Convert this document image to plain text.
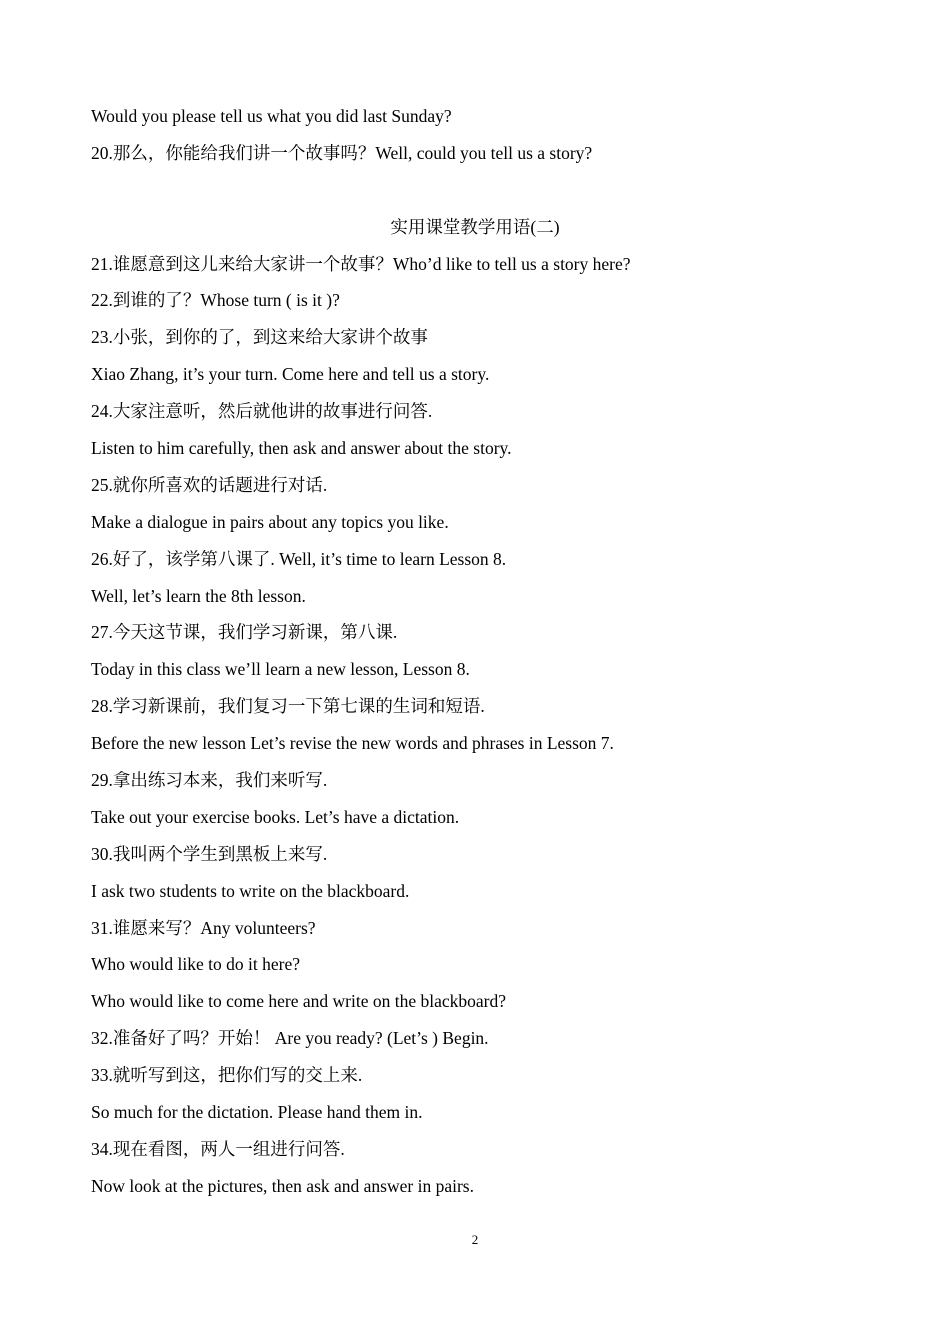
Would you please tell us what you did last Sunday?
20.那么，你能给我们讲一个故事吗？Well, could you tell us a story?
实用课堂教学用语(二)
21.谁愿意到这儿来给大家讲一个故事？Who’d like to tell us a story here?
22.到谁的了？Whose turn ( is it )?
23.小张，到你的了，到这来给大家讲个故事
Xiao Zhang, it’s your turn. Come here and tell us a story.
24.大家注意听，然后就他讲的故事进行问答.
Listen to him carefully, then ask and answer about the story.
25.就你所喜欢的话题进行对话.
Make a dialogue in pairs about any topics you like.
26.好了，该学第八课了. Well, it’s time to learn Lesson 8.
Well, let’s learn the 8th lesson.
27.今天这节课，我们学习新课，第八课.
Today in this class we’ll learn a new lesson, Lesson 8.
28.学习新课前，我们复习一下第七课的生词和短语.
Before the new lesson Let’s revise the new words and phrases in Lesson 7.
29.拿出练习本来，我们来听写.
Take out your exercise books. Let’s have a dictation.
30.我叫两个学生到黑板上来写.
I ask two students to write on the blackboard.
31.谁愿来写？Any volunteers?
Who would like to do it here?
Who would like to come here and write on the blackboard?
32.准备好了吗？开始！ Are you ready? (Let’s ) Begin.
33.就听写到这，把你们写的交上来.
So much for the dictation. Please hand them in.
34.现在看图，两人一组进行问答.
Now look at the pictures, then ask and answer in pairs.
2
